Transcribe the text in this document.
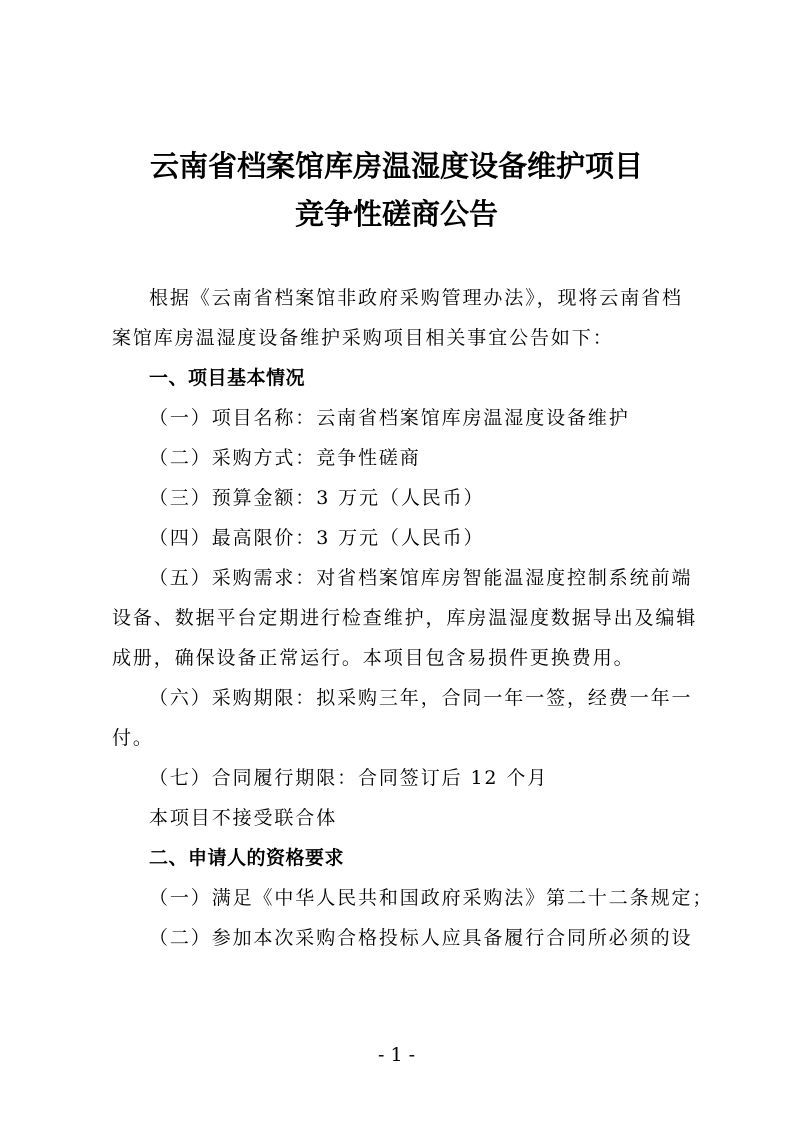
云南省档案馆库房温湿度设备维护项目
竞争性磋商公告
根据《云南省档案馆非政府采购管理办法》，现将云南省档
案馆库房温湿度设备维护采购项目相关事宜公告如下：
一、项目基本情况
（一）项目名称：云南省档案馆库房温湿度设备维护
（二）采购方式：竞争性磋商
（三）预算金额：3 万元（人民币）
（四）最高限价：3 万元（人民币）
（五）采购需求：对省档案馆库房智能温湿度控制系统前端
设备、数据平台定期进行检查维护，库房温湿度数据导出及编辑
成册，确保设备正常运行。本项目包含易损件更换费用。
（六）采购期限：拟采购三年，合同一年一签，经费一年一
付。
（七）合同履行期限：合同签订后 12 个月
本项目不接受联合体
二、申请人的资格要求
（一）满足《中华人民共和国政府采购法》第二十二条规定；
（二）参加本次采购合格投标人应具备履行合同所必须的设
- 1 -
